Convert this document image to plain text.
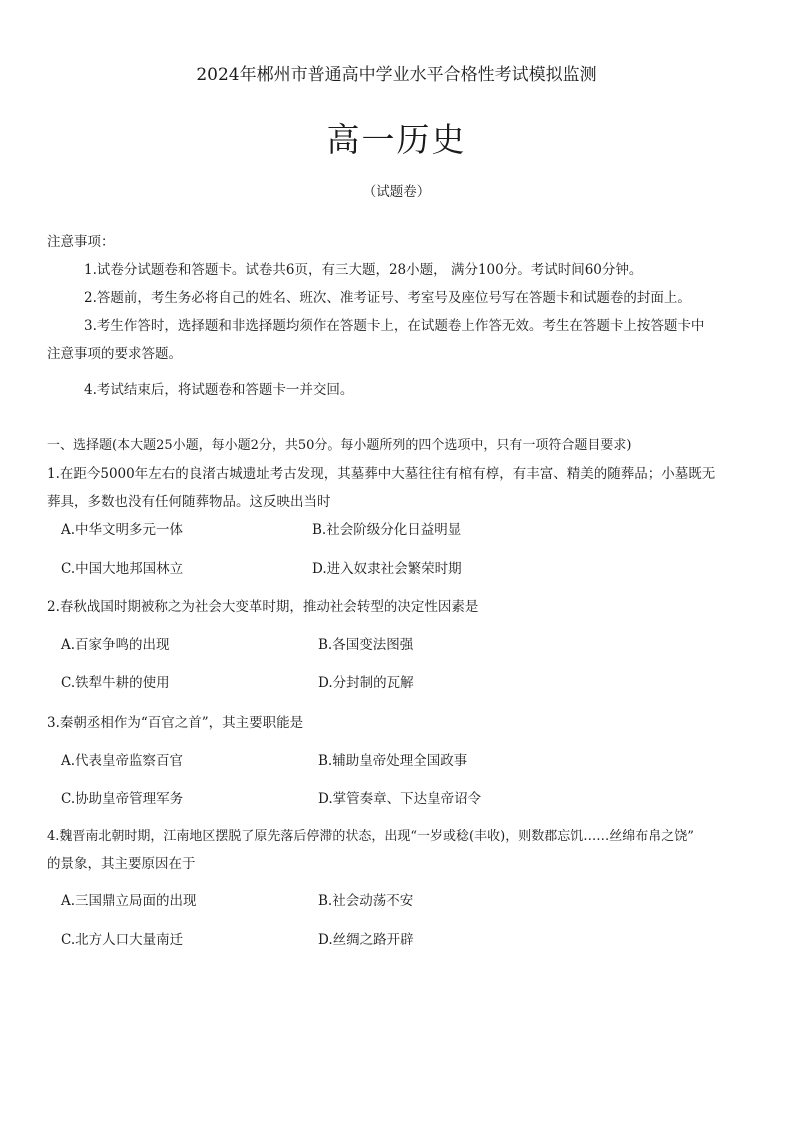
2024年郴州市普通高中学业水平合格性考试模拟监测
高一历史
（试题卷）
注意事项：
1.试卷分试题卷和答题卡。试卷共6页，有三大题，28小题， 满分100分。考试时间60分钟。
2.答题前，考生务必将自己的姓名、班次、准考证号、考室号及座位号写在答题卡和试题卷的封面上。
3.考生作答时，选择题和非选择题均须作在答题卡上，在试题卷上作答无效。考生在答题卡上按答题卡中
注意事项的要求答题。
4.考试结束后，将试题卷和答题卡一并交回。
一、选择题(本大题25小题，每小题2分，共50分。每小题所列的四个选项中，只有一项符合题目要求)
1.在距今5000年左右的良渚古城遗址考古发现，其墓葬中大墓往往有棺有椁，有丰富、精美的随葬品；小墓既无
葬具，多数也没有任何随葬物品。这反映出当时
A.中华文明多元一体	B.社会阶级分化日益明显
C.中国大地邦国林立	D.进入奴隶社会繁荣时期
2.春秋战国时期被称之为社会大变革时期，推动社会转型的决定性因素是
A.百家争鸣的出现	B.各国变法图强
C.铁犁牛耕的使用	D.分封制的瓦解
3.秦朝丞相作为“百官之首”，其主要职能是
A.代表皇帝监察百官	B.辅助皇帝处理全国政事
C.协助皇帝管理军务	D.掌管奏章、下达皇帝诏令
4.魏晋南北朝时期，江南地区摆脱了原先落后停滞的状态，出现“一岁或稔(丰收)，则数郡忘饥……丝绵布帛之饶”
的景象，其主要原因在于
A.三国鼎立局面的出现	B.社会动荡不安
C.北方人口大量南迁	D.丝绸之路开辟
